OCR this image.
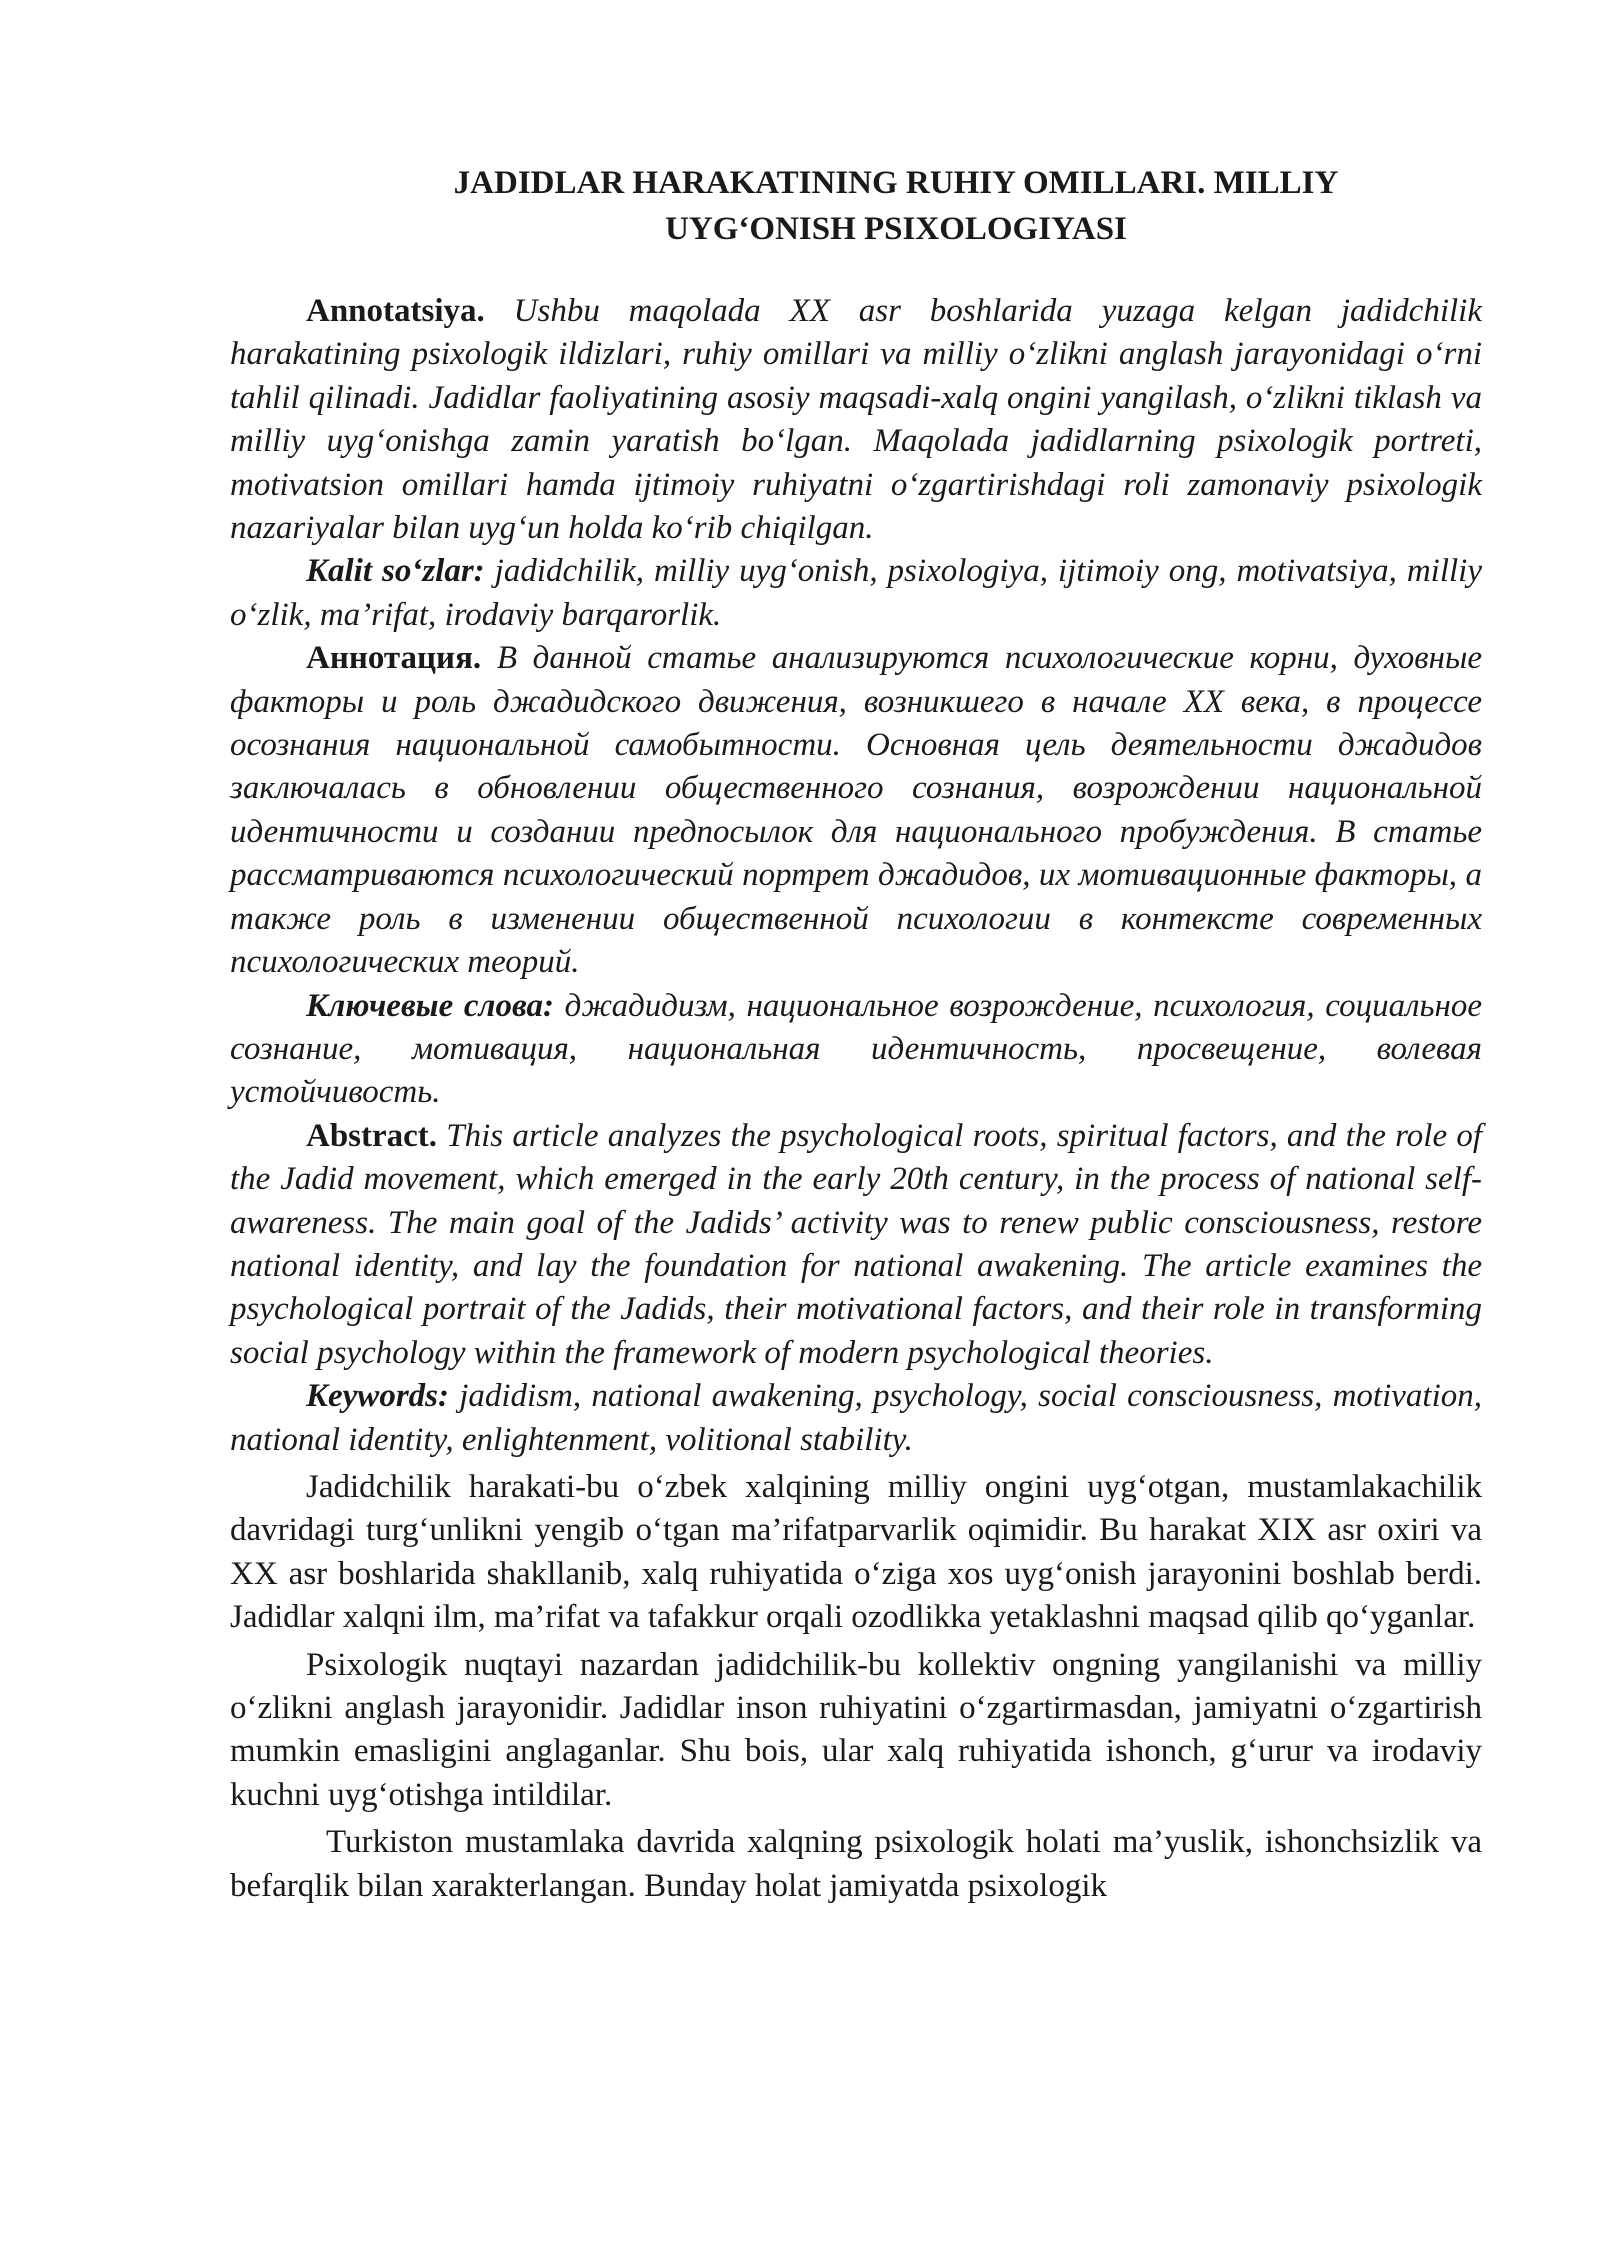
JADIDLAR HARAKATINING RUHIY OMILLARI. MILLIY
UYG‘ONISH PSIXOLOGIYASI

Annotatsiya. Ushbu maqolada XX asr boshlarida yuzaga kelgan jadidchilik harakatining psixologik ildizlari, ruhiy omillari va milliy o‘zlikni anglash jarayonidagi o‘rni tahlil qilinadi. Jadidlar faoliyatining asosiy maqsadi-xalq ongini yangilash, o‘zlikni tiklash va milliy uyg‘onishga zamin yaratish bo‘lgan. Maqolada jadidlarning psixologik portreti, motivatsion omillari hamda ijtimoiy ruhiyatni o‘zgartirishdagi roli zamonaviy psixologik nazariyalar bilan uyg‘un holda ko‘rib chiqilgan.

Kalit so‘zlar: jadidchilik, milliy uyg‘onish, psixologiya, ijtimoiy ong, motivatsiya, milliy o‘zlik, ma’rifat, irodaviy barqarorlik.

Аннотация. В данной статье анализируются психологические корни, духовные факторы и роль джадидского движения, возникшего в начале XX века, в процессе осознания национальной самобытности. Основная цель деятельности джадидов заключалась в обновлении общественного сознания, возрождении национальной идентичности и создании предпосылок для национального пробуждения. В статье рассматриваются психологический портрет джадидов, их мотивационные факторы, а также роль в изменении общественной психологии в контексте современных психологических теорий.

Ключевые слова: джадидизм, национальное возрождение, психология, социальное сознание, мотивация, национальная идентичность, просвещение, волевая устойчивость.

Abstract. This article analyzes the psychological roots, spiritual factors, and the role of the Jadid movement, which emerged in the early 20th century, in the process of national self-awareness. The main goal of the Jadids’ activity was to renew public consciousness, restore national identity, and lay the foundation for national awakening. The article examines the psychological portrait of the Jadids, their motivational factors, and their role in transforming social psychology within the framework of modern psychological theories.

Keywords: jadidism, national awakening, psychology, social consciousness, motivation, national identity, enlightenment, volitional stability.

Jadidchilik harakati-bu o‘zbek xalqining milliy ongini uyg‘otgan, mustamlakachilik davridagi turg‘unlikni yengib o‘tgan ma’rifatparvarlik oqimidir. Bu harakat XIX asr oxiri va XX asr boshlarida shakllanib, xalq ruhiyatida o‘ziga xos uyg‘onish jarayonini boshlab berdi. Jadidlar xalqni ilm, ma’rifat va tafakkur orqali ozodlikka yetaklashni maqsad qilib qo‘yganlar.

Psixologik nuqtayi nazardan jadidchilik-bu kollektiv ongning yangilanishi va milliy o‘zlikni anglash jarayonidir. Jadidlar inson ruhiyatini o‘zgartirmasdan, jamiyatni o‘zgartirish mumkin emasligini anglaganlar. Shu bois, ular xalq ruhiyatida ishonch, g‘urur va irodaviy kuchni uyg‘otishga intildilar.

Turkiston mustamlaka davrida xalqning psixologik holati ma’yuslik, ishonchsizlik va befarqlik bilan xarakterlangan. Bunday holat jamiyatda psixologik
